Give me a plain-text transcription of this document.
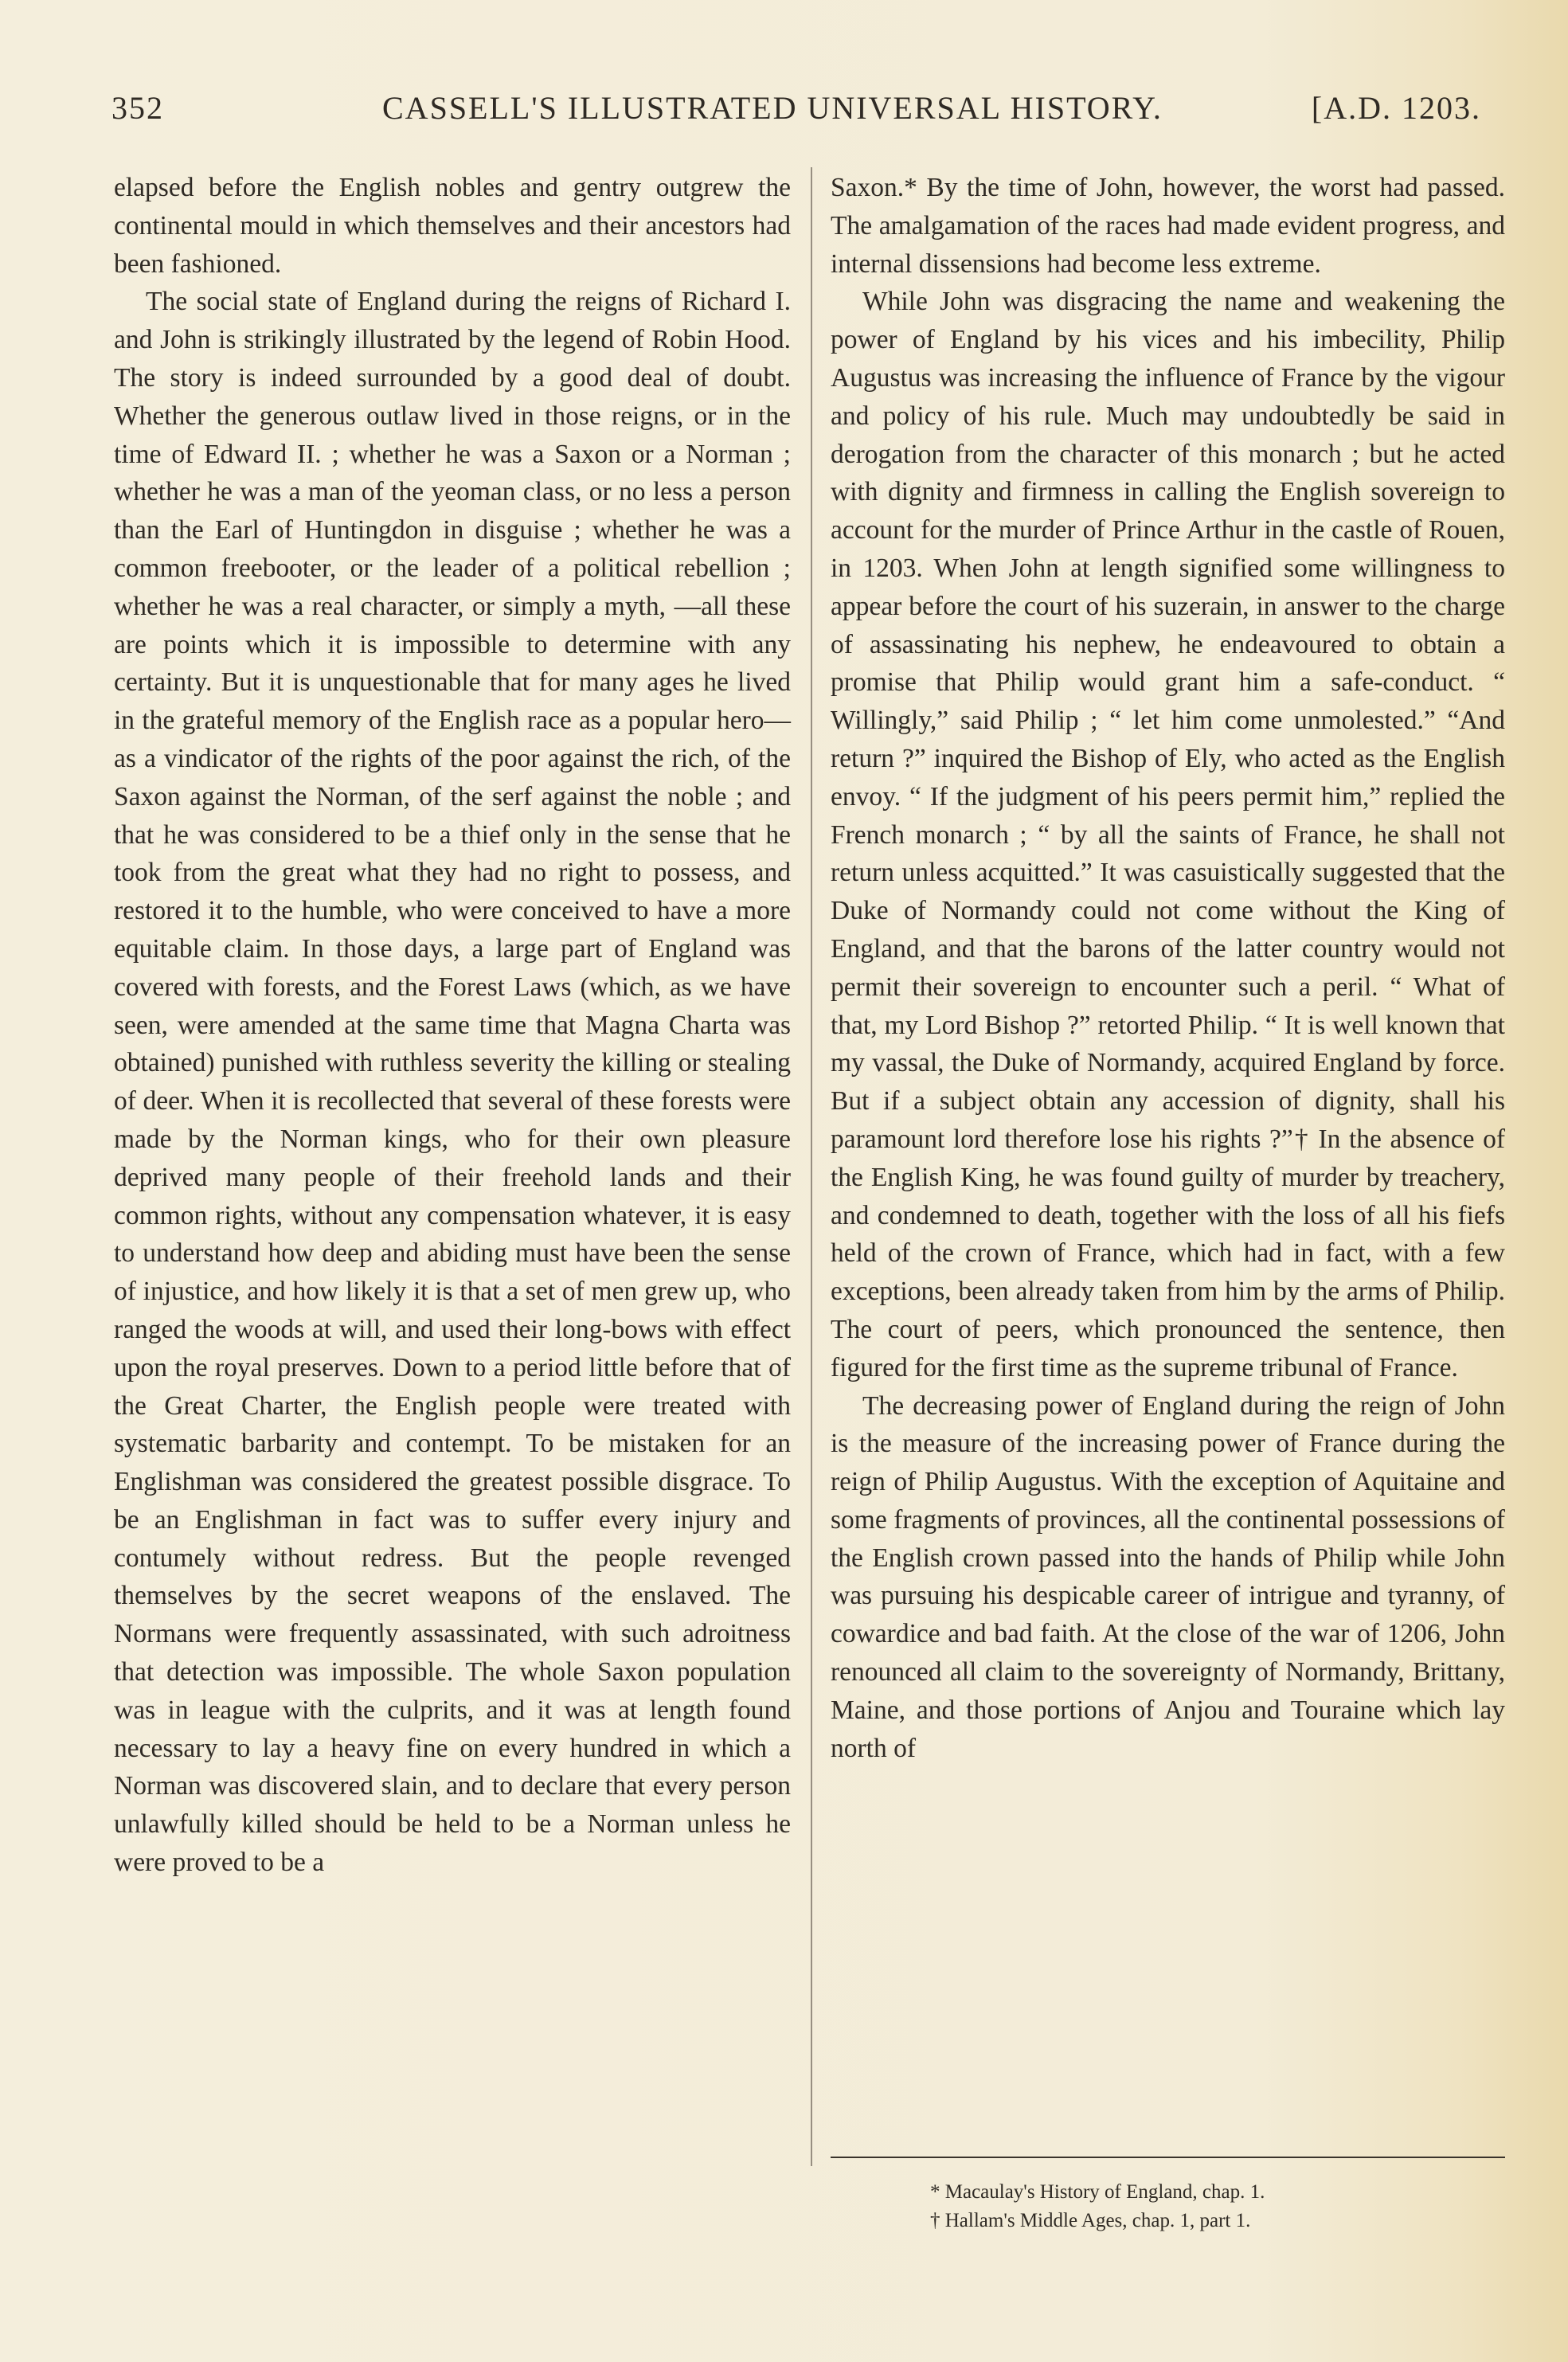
352	CASSELL'S ILLUSTRATED UNIVERSAL HISTORY.	[A.D. 1203.

elapsed before the English nobles and gentry outgrew the continental mould in which themselves and their ancestors had been fashioned.

The social state of England during the reigns of Richard I. and John is strikingly illustrated by the legend of Robin Hood. The story is indeed surrounded by a good deal of doubt. Whether the generous outlaw lived in those reigns, or in the time of Edward II. ; whether he was a Saxon or a Norman ; whether he was a man of the yeoman class, or no less a person than the Earl of Huntingdon in disguise ; whether he was a common freebooter, or the leader of a political rebellion ; whether he was a real character, or simply a myth, —all these are points which it is impossible to determine with any certainty. But it is unquestionable that for many ages he lived in the grateful memory of the English race as a popular hero—as a vindicator of the rights of the poor against the rich, of the Saxon against the Norman, of the serf against the noble ; and that he was considered to be a thief only in the sense that he took from the great what they had no right to possess, and restored it to the humble, who were conceived to have a more equitable claim. In those days, a large part of England was covered with forests, and the Forest Laws (which, as we have seen, were amended at the same time that Magna Charta was obtained) punished with ruthless severity the killing or stealing of deer. When it is recollected that several of these forests were made by the Norman kings, who for their own pleasure deprived many people of their freehold lands and their common rights, without any compensation whatever, it is easy to understand how deep and abiding must have been the sense of injustice, and how likely it is that a set of men grew up, who ranged the woods at will, and used their long-bows with effect upon the royal preserves. Down to a period little before that of the Great Charter, the English people were treated with systematic barbarity and contempt. To be mistaken for an Englishman was considered the greatest possible disgrace. To be an Englishman in fact was to suffer every injury and contumely without redress. But the people revenged themselves by the secret weapons of the enslaved. The Normans were frequently assassinated, with such adroitness that detection was impossible. The whole Saxon population was in league with the culprits, and it was at length found necessary to lay a heavy fine on every hundred in which a Norman was discovered slain, and to declare that every person unlawfully killed should be held to be a Norman unless he were proved to be a

Saxon.* By the time of John, however, the worst had passed. The amalgamation of the races had made evident progress, and internal dissensions had become less extreme.

While John was disgracing the name and weakening the power of England by his vices and his imbecility, Philip Augustus was increasing the influence of France by the vigour and policy of his rule. Much may undoubtedly be said in derogation from the character of this monarch ; but he acted with dignity and firmness in calling the English sovereign to account for the murder of Prince Arthur in the castle of Rouen, in 1203. When John at length signified some willingness to appear before the court of his suzerain, in answer to the charge of assassinating his nephew, he endeavoured to obtain a promise that Philip would grant him a safe-conduct. “ Willingly,” said Philip ; “ let him come unmolested.” “And return ?” inquired the Bishop of Ely, who acted as the English envoy. “ If the judgment of his peers permit him,” replied the French monarch ; “ by all the saints of France, he shall not return unless acquitted.” It was casuistically suggested that the Duke of Normandy could not come without the King of England, and that the barons of the latter country would not permit their sovereign to encounter such a peril. “ What of that, my Lord Bishop ?” retorted Philip. “ It is well known that my vassal, the Duke of Normandy, acquired England by force. But if a subject obtain any accession of dignity, shall his paramount lord therefore lose his rights ?”† In the absence of the English King, he was found guilty of murder by treachery, and condemned to death, together with the loss of all his fiefs held of the crown of France, which had in fact, with a few exceptions, been already taken from him by the arms of Philip. The court of peers, which pronounced the sentence, then figured for the first time as the supreme tribunal of France.

The decreasing power of England during the reign of John is the measure of the increasing power of France during the reign of Philip Augustus. With the exception of Aquitaine and some fragments of provinces, all the continental possessions of the English crown passed into the hands of Philip while John was pursuing his despicable career of intrigue and tyranny, of cowardice and bad faith. At the close of the war of 1206, John renounced all claim to the sovereignty of Normandy, Brittany, Maine, and those portions of Anjou and Touraine which lay north of

* Macaulay's History of England, chap. 1.
† Hallam's Middle Ages, chap. 1, part 1.
